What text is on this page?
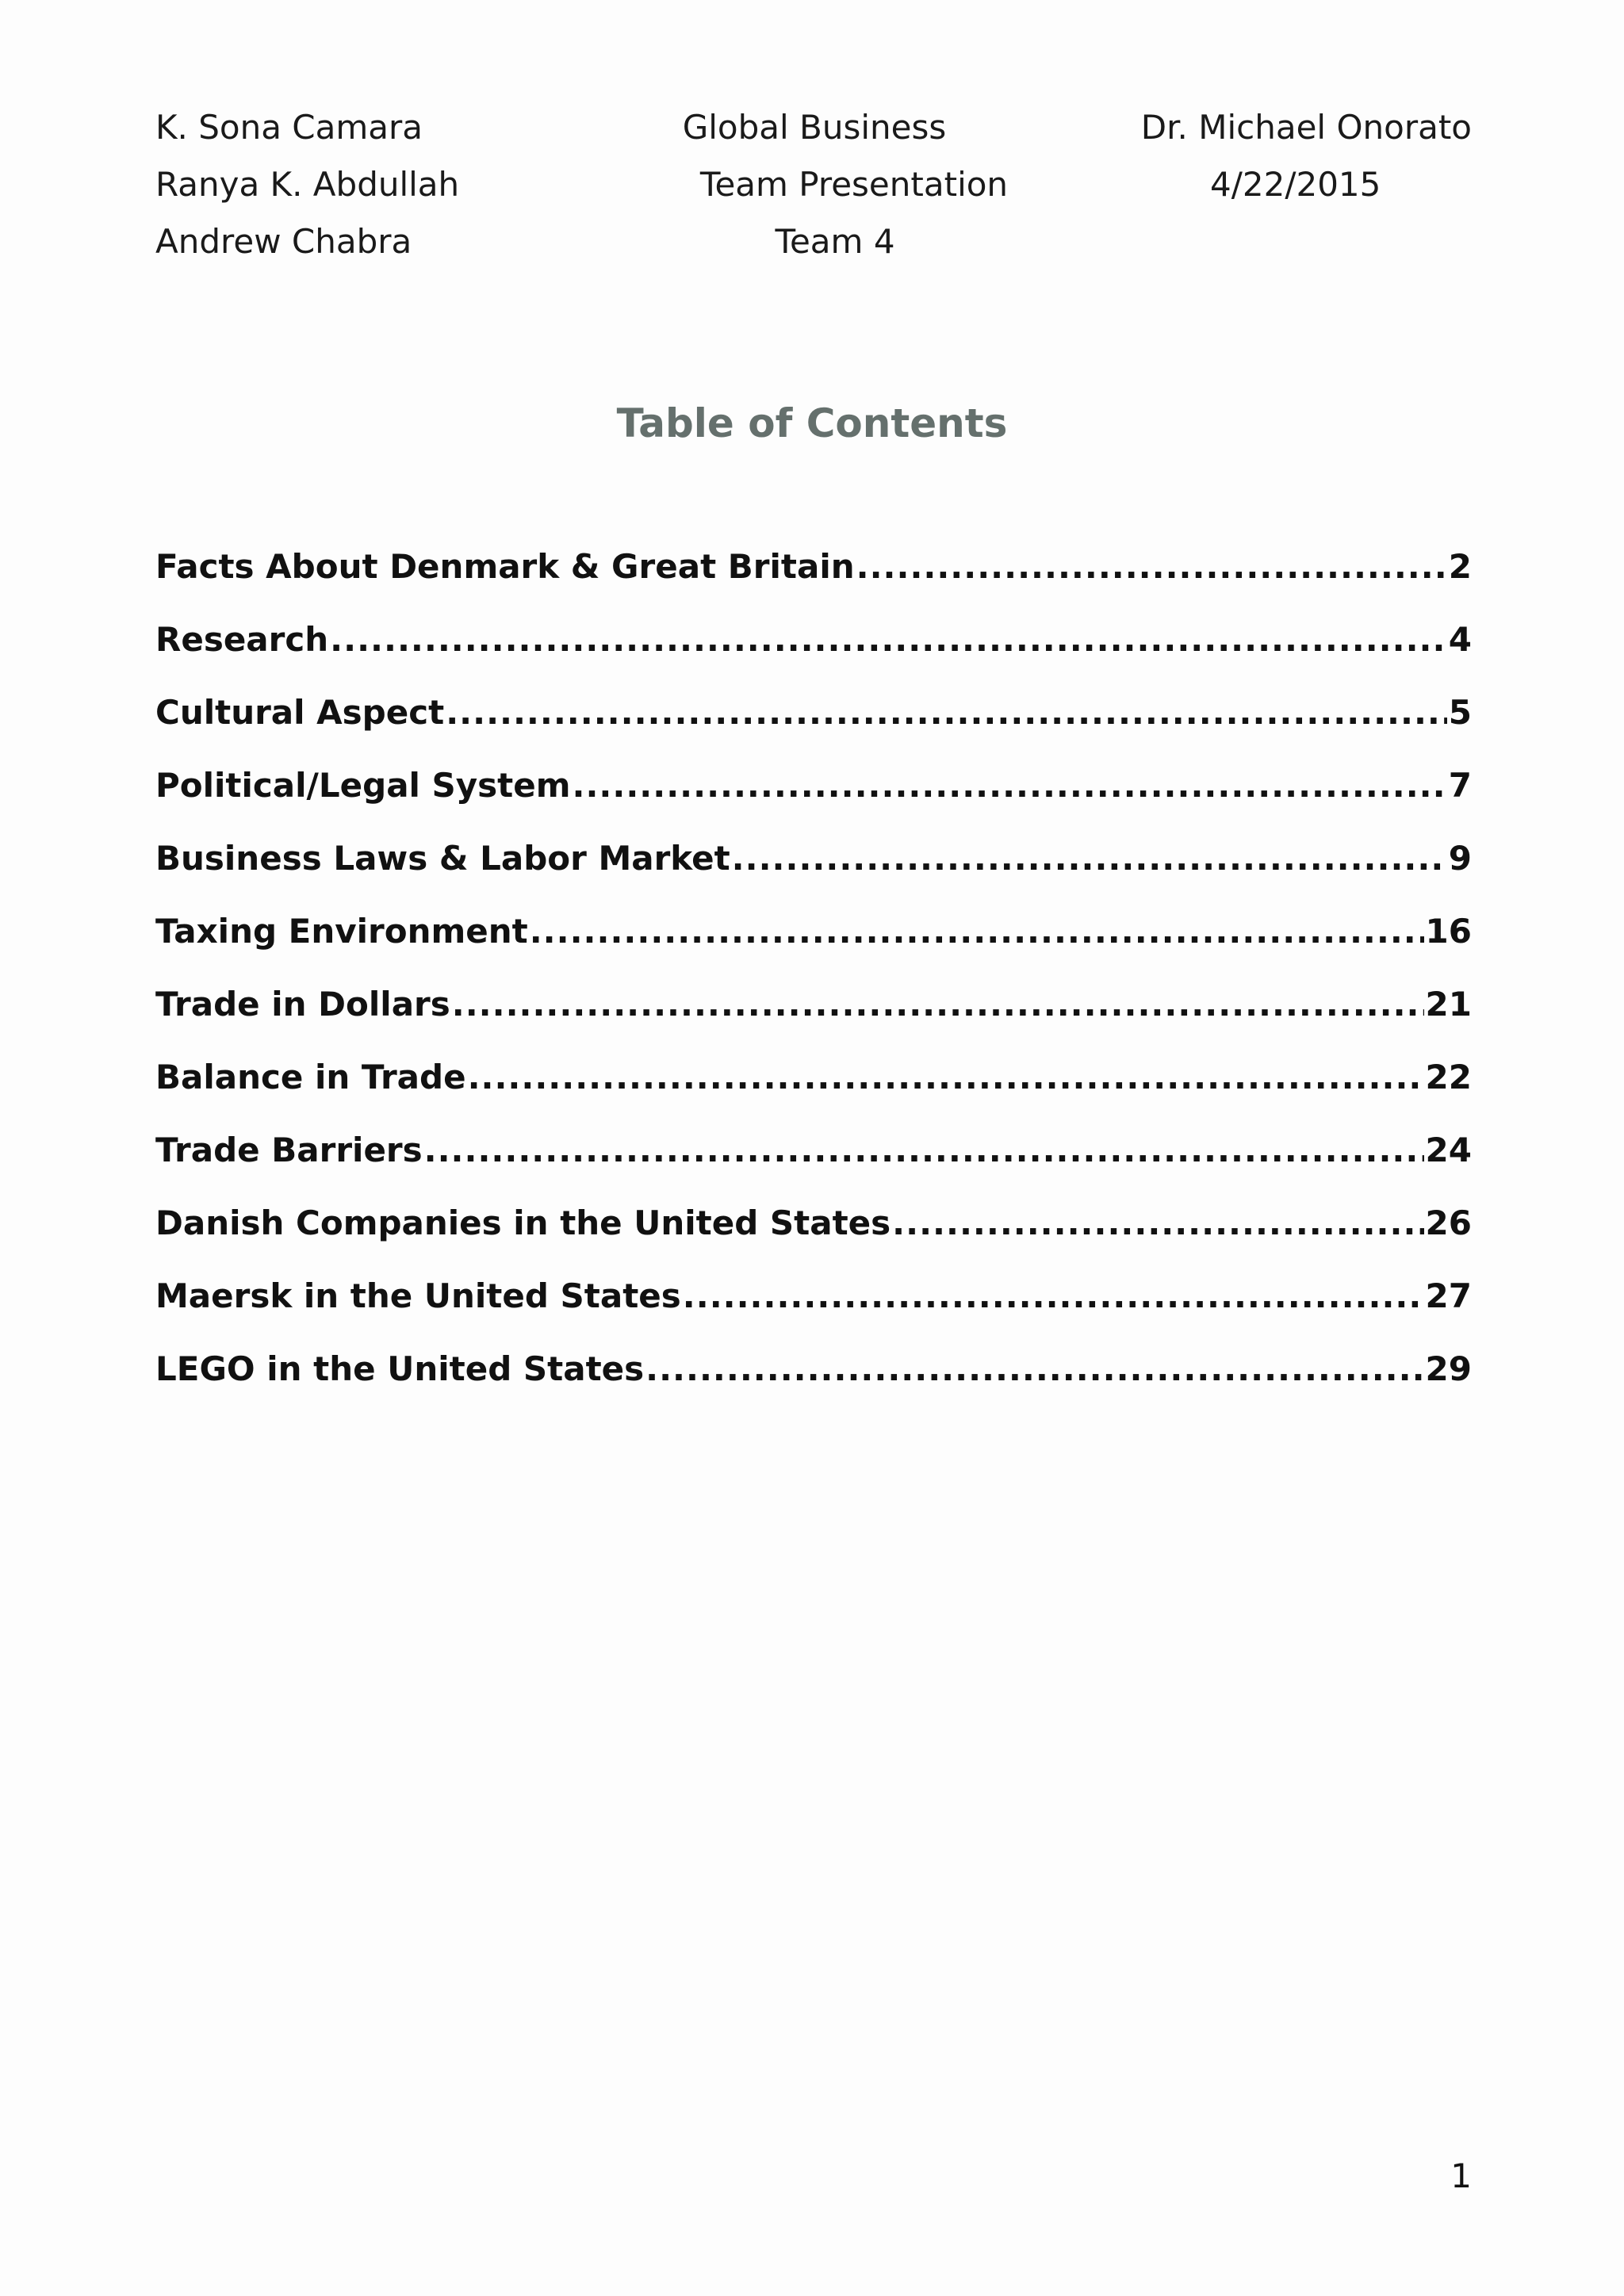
K. Sona Camara
Ranya K. Abdullah
Andrew Chabra
Global Business
Team Presentation
Team 4
Dr. Michael Onorato
4/22/2015
Table of Contents
Facts About Denmark & Great Britain .....	2
Research .....	4
Cultural Aspect .....	5
Political/Legal System .....	7
Business Laws & Labor Market .....	9
Taxing Environment .....	16
Trade in Dollars .....	21
Balance in Trade .....	22
Trade Barriers .....	24
Danish Companies in the United States .....	26
Maersk in the United States .....	27
LEGO in the United States .....	29
1
